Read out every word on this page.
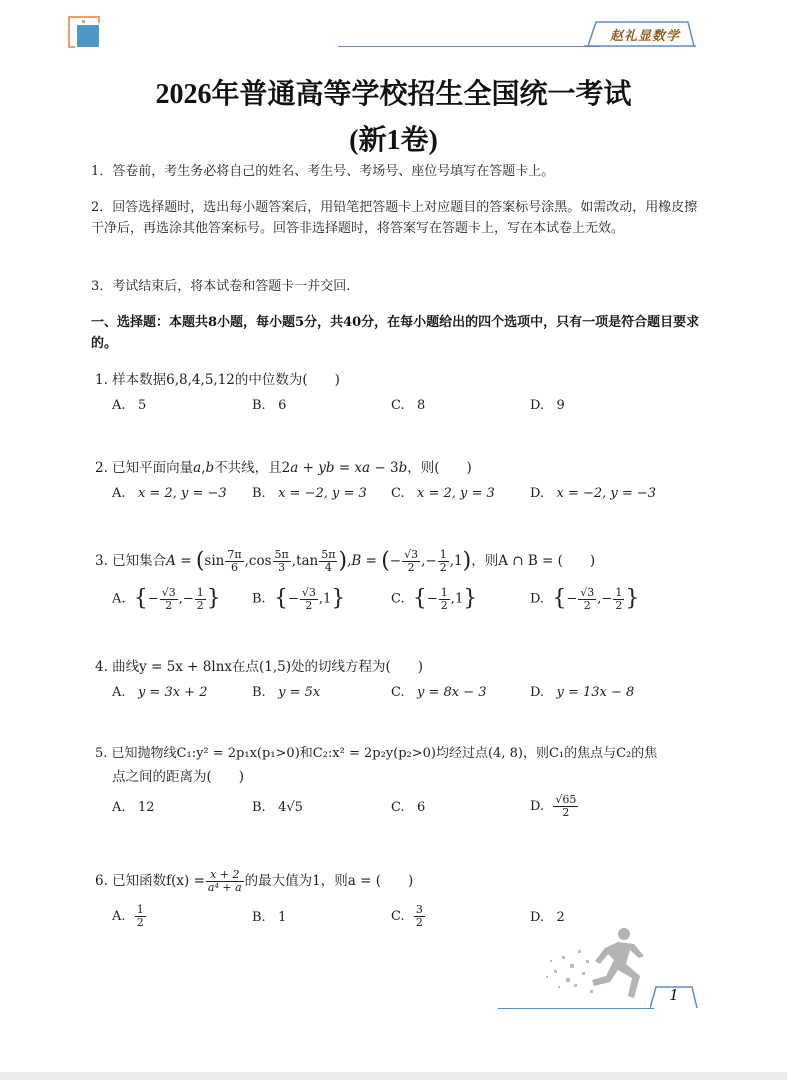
赵礼显数学
2026年普通高等学校招生全国统一考试
(新1卷)
1．答卷前，考生务必将自己的姓名、考生号、考场号、座位号填写在答题卡上。
2．回答选择题时，选出每小题答案后，用铅笔把答题卡上对应题目的答案标号涂黑。如需改动，用橡皮擦干净后，再选涂其他答案标号。回答非选择题时，将答案写在答题卡上，写在本试卷上无效。
3．考试结束后，将本试卷和答题卡一并交回.
一、选择题：本题共8小题，每小题5分，共40分，在每小题给出的四个选项中，只有一项是符合题目要求的。
1. 样本数据6,8,4,5,12的中位数为(　　)
A. 5	B. 6	C. 8	D. 9
2. 已知平面向量a,b不共线，且2a + yb = xa − 3b，则(　　)
A. x = 2, y = −3 B. x = −2, y = 3 C. x = 2, y = 3	D. x = −2, y = −3
3. 已知集合$A = (\sin \frac{7\pi}{6} ,\cos \frac{5\pi}{3} ,\tan \frac{5\pi}{4} ),B$ = (− $\frac{√3}{2}$ ,− $\frac{1}{2} ,1$)，则A ∩ B = (　　)
A. {− $\frac{√3}{2}$ ,− $\frac{1}{2}$ } B. {− $\frac{√3}{2} ,1$}	C. {− $\frac{1}{2} ,1$}	D. {− $\frac{√3}{2}$ ,− $\frac{1}{2}$ }
4. 曲线y = 5x + 8lnx在点(1,5)处的切线方程为(　　)
A. y = 3x + 2	B. y = 5x	C. y = 8x − 3	D. y = 13x − 8
5. 已知抛物线C₁:y² = 2p₁x(p₁>0)和C₂:x² = 2p₂y(p₂>0)均经过点(4, 8)，则C₁的焦点与C₂的焦
点之间的距离为(　　)
A. 12	B. 4√5	C. 6	D. $\frac{√65}{2}$
6. 已知函数$f(x) = \frac{x + 2}{\text{a⁴ + a}}$ 的最大值为1，则a = (　　)
A. $\frac{1}{2}$	B. 1	C. $\frac{3}{2}$	D. 2
1
